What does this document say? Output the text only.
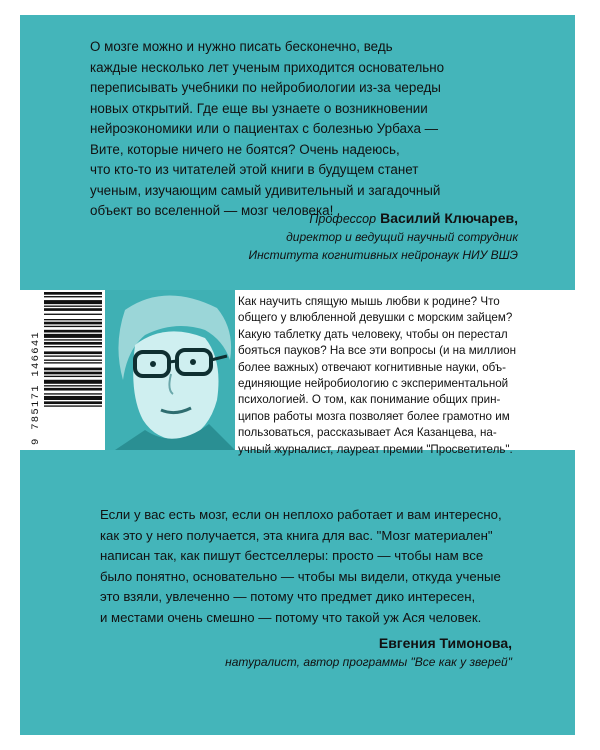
О мозге можно и нужно писать бесконечно, ведь
каждые несколько лет ученым приходится основательно
переписывать учебники по нейробиологии из-за череды
новых открытий. Где еще вы узнаете о возникновении
нейроэкономики или о пациентах с болезнью Урбаха —
Вите, которые ничего не боятся? Очень надеюсь,
что кто-то из читателей этой книги в будущем станет
ученым, изучающим самый удивительный и загадочный
объект во вселенной — мозг человека!
Профессор Василий Ключарев,
директор и ведущий научный сотрудник
Института когнитивных нейронаук НИУ ВШЭ
9 785171 146641

Как научить спящую мышь любви к родине? Что

общего у влюбленной девушки с морским зайцем?

Какую таблетку дать человеку, чтобы он перестал

бояться пауков? На все эти вопросы (и на миллион

более важных) отвечают когнитивные науки, объ-

единяющие нейробиологию с экспериментальной

психологией. О том, как понимание общих прин-

ципов работы мозга позволяет более грамотно им

пользоваться, рассказывает Ася Казанцева, на-

учный журналист, лауреат премии "Просветитель".

Если у вас есть мозг, если он неплохо работает и вам интересно,
как это у него получается, эта книга для вас. "Мозг материален"
написан так, как пишут бестселлеры: просто — чтобы нам все
было понятно, основательно — чтобы мы видели, откуда ученые
это взяли, увлеченно — потому что предмет дико интересен,
и местами очень смешно — потому что такой уж Ася человек.
Евгения Тимонова,
натуралист, автор программы "Все как у зверей"
